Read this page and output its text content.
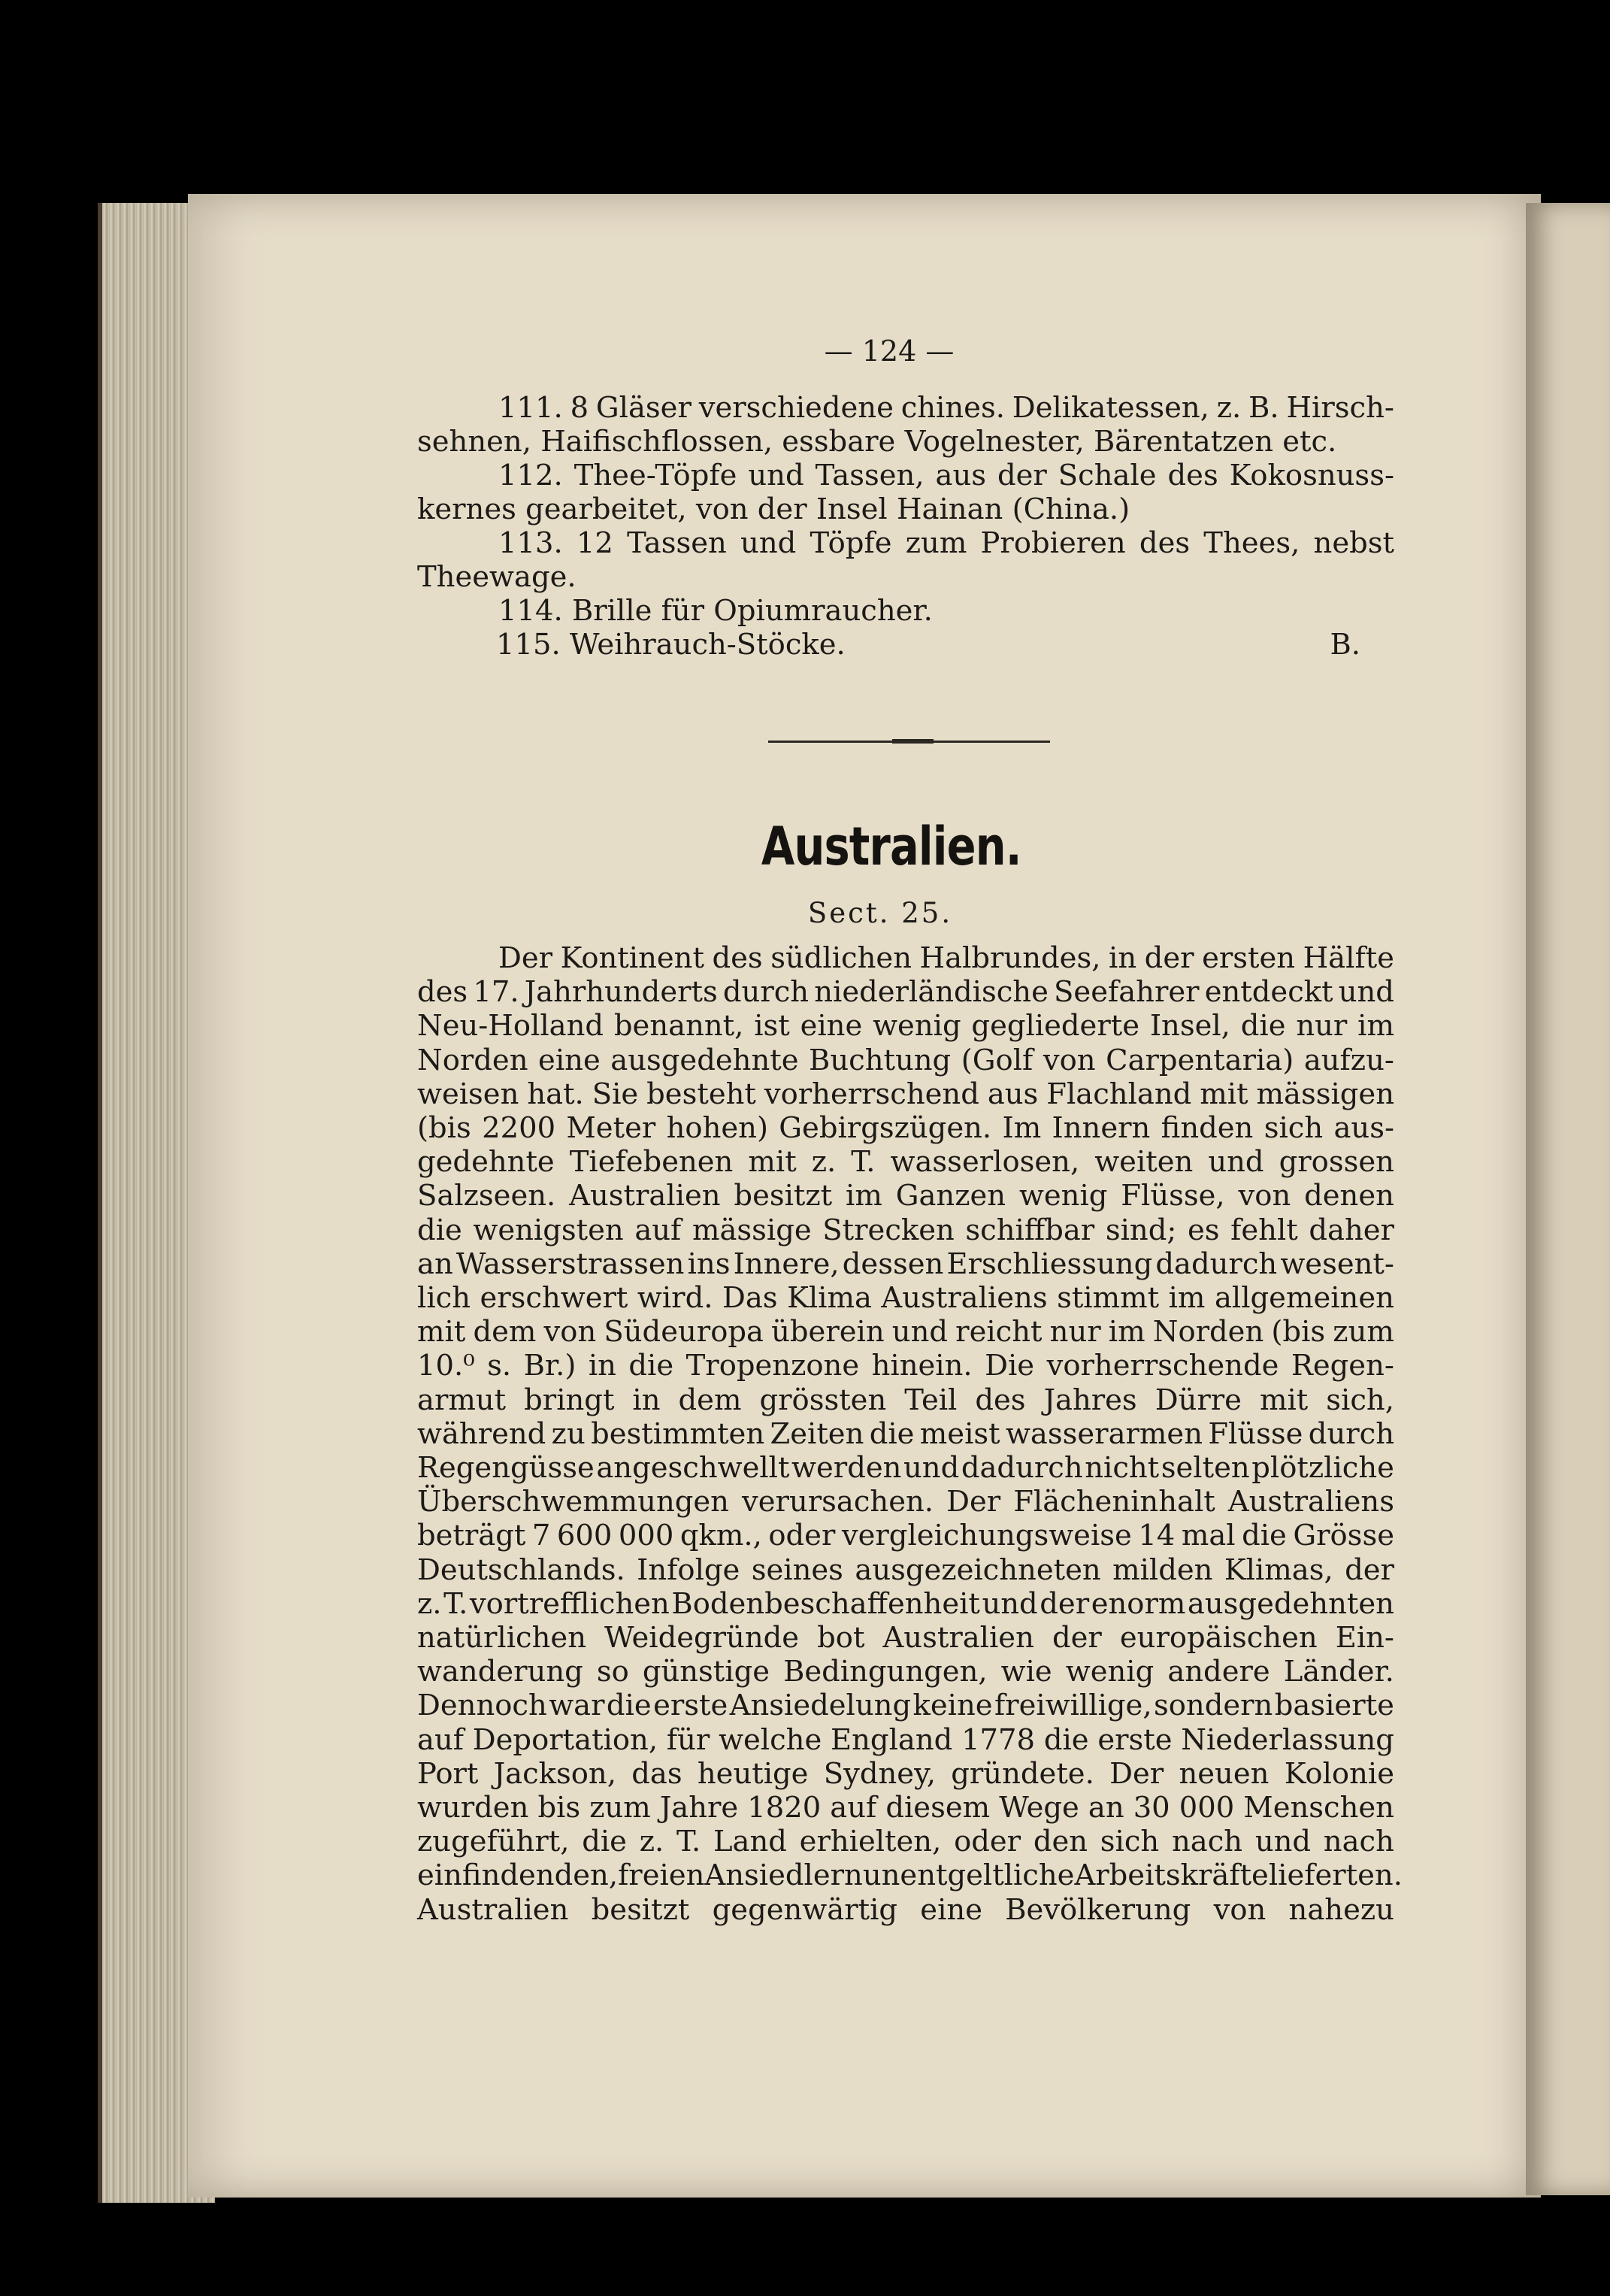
— 124 —
111. 8 Gläser verschiedene chines. Delikatessen, z. B. Hirsch-
sehnen, Haifischflossen, essbare Vogelnester, Bärentatzen etc.
112. Thee-Töpfe und Tassen, aus der Schale des Kokosnuss-
kernes gearbeitet, von der Insel Hainan (China.)
113. 12 Tassen und Töpfe zum Probieren des Thees, nebst
Theewage.
114. Brille für Opiumraucher.
115. Weihrauch-Stöcke.	B.
Australien.
Sect. 25.
Der Kontinent des südlichen Halbrundes, in der ersten Hälfte
des 17. Jahrhunderts durch niederländische Seefahrer entdeckt und
Neu-Holland benannt, ist eine wenig gegliederte Insel, die nur im
Norden eine ausgedehnte Buchtung (Golf von Carpentaria) aufzu-
weisen hat. Sie besteht vorherrschend aus Flachland mit mässigen
(bis 2200 Meter hohen) Gebirgszügen. Im Innern finden sich aus-
gedehnte Tiefebenen mit z. T. wasserlosen, weiten und grossen
Salzseen. Australien besitzt im Ganzen wenig Flüsse, von denen
die wenigsten auf mässige Strecken schiffbar sind; es fehlt daher
an Wasserstrassen ins Innere, dessen Erschliessung dadurch wesent-
lich erschwert wird. Das Klima Australiens stimmt im allgemeinen
mit dem von Südeuropa überein und reicht nur im Norden (bis zum
10.⁰ s. Br.) in die Tropenzone hinein. Die vorherrschende Regen-
armut bringt in dem grössten Teil des Jahres Dürre mit sich,
während zu bestimmten Zeiten die meist wasserarmen Flüsse durch
Regengüsse angeschwellt werden und dadurch nicht selten plötzliche
Überschwemmungen verursachen. Der Flächeninhalt Australiens
beträgt 7 600 000 qkm., oder vergleichungsweise 14 mal die Grösse
Deutschlands. Infolge seines ausgezeichneten milden Klimas, der
z. T. vortrefflichen Bodenbeschaffenheit und der enorm ausgedehnten
natürlichen Weidegründe bot Australien der europäischen Ein-
wanderung so günstige Bedingungen, wie wenig andere Länder.
Dennoch war die erste Ansiedelung keine freiwillige, sondern basierte
auf Deportation, für welche England 1778 die erste Niederlassung
Port Jackson, das heutige Sydney, gründete. Der neuen Kolonie
wurden bis zum Jahre 1820 auf diesem Wege an 30 000 Menschen
zugeführt, die z. T. Land erhielten, oder den sich nach und nach
einfindenden, freien Ansiedlern unentgeltliche Arbeitskräfte lieferten.
Australien besitzt gegenwärtig eine Bevölkerung von nahezu
